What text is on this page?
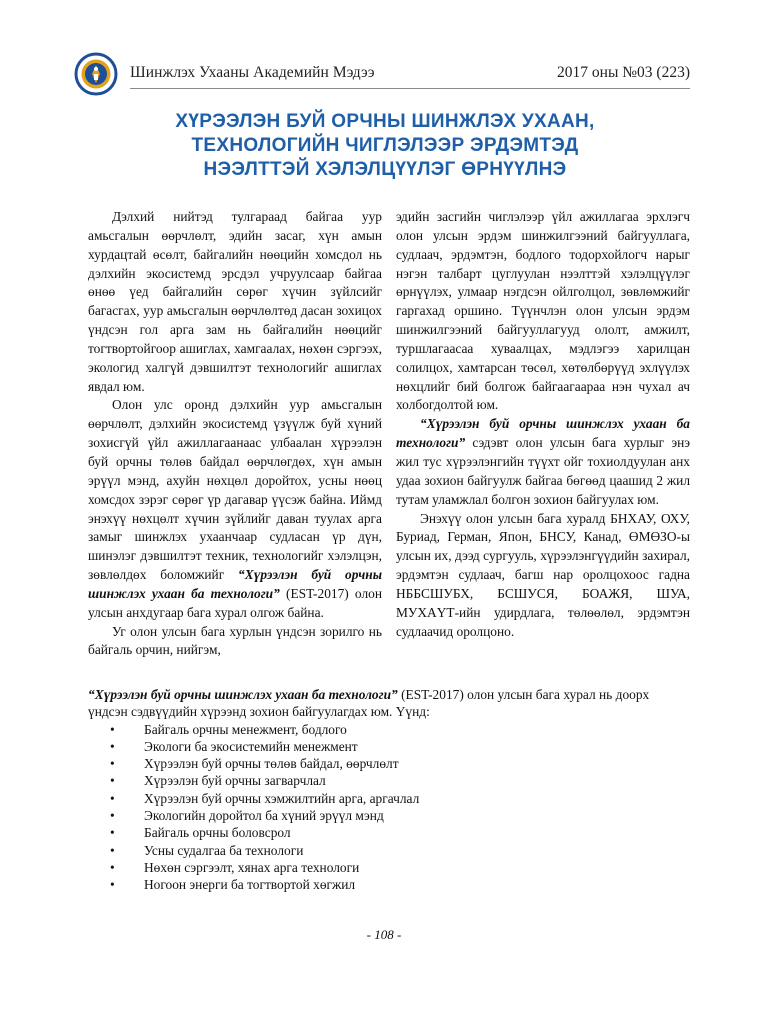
Шинжлэх Ухааны Академийн Мэдээ	2017 оны №03 (223)
ХҮРЭЭЛЭН БУЙ ОРЧНЫ ШИНЖЛЭХ УХААН,
ТЕХНОЛОГИЙН ЧИГЛЭЛЭЭР ЭРДЭМТЭД
НЭЭЛТТЭЙ ХЭЛЭЛЦҮҮЛЭГ ӨРНҮҮЛНЭ

Дэлхий нийтэд тулгараад байгаа уур амьсгалын өөрчлөлт, эдийн засаг, хүн амын хурдацтай өсөлт, байгалийн нөөцийн хомсдол нь дэлхийн экосистемд эрсдэл учруулсаар байгаа өнөө үед байгалийн сөрөг хүчин зүйлсийг багасгах, уур амьсгалын өөрчлөлтөд дасан зохицох үндсэн гол арга зам нь байгалийн нөөцийг тогтвортойгоор ашиглах, хамгаалах, нөхөн сэргээх, экологид халгүй дэвшилтэт технологийг ашиглах явдал юм.

Олон улс оронд дэлхийн уур амьсгалын өөрчлөлт, дэлхийн экосистемд үзүүлж буй хүний зохисгүй үйл ажиллагаанаас улбаалан хүрээлэн буй орчны төлөв байдал өөрчлөгдөх, хүн амын эрүүл мэнд, ахуйн нөхцөл доройтох, усны нөөц хомсдох зэрэг сөрөг үр дагавар үүсэж байна. Иймд энэхүү нөхцөлт хүчин зүйлийг даван туулах арга замыг шинжлэх ухаанчаар судласан үр дүн, шинэлэг дэвшилтэт техник, технологийг хэлэлцэн, зөвлөлдөх боломжийг “Хүрээлэн буй орчны шинжлэх ухаан ба технологи” (EST-2017) олон улсын анхдугаар бага хурал олгож байна.

Уг олон улсын бага хурлын үндсэн зорилго нь байгаль орчин, нийгэм,

эдийн засгийн чиглэлээр үйл ажиллагаа эрхлэгч олон улсын эрдэм шинжилгээний байгууллага, судлаач, эрдэмтэн, бодлого тодорхойлогч нарыг нэгэн талбарт цуглуулан нээлттэй хэлэлцүүлэг өрнүүлэх, улмаар нэгдсэн ойлголцол, зөвлөмжийг гаргахад оршино. Түүнчлэн олон улсын эрдэм шинжилгээний байгууллагууд ололт, амжилт, туршлагаасаа хуваалцах, мэдлэгээ харилцан солилцох, хамтарсан төсөл, хөтөлбөрүүд эхлүүлэх нөхцлийг бий болгож байгаагаараа нэн чухал ач холбогдолтой юм.

“Хүрээлэн буй орчны шинжлэх ухаан ба технологи” сэдэвт олон улсын бага хурлыг энэ жил тус хүрээлэнгийн түүхт ойг тохиолдуулан анх удаа зохион байгуулж байгаа бөгөөд цаашид 2 жил тутам уламжлал болгон зохион байгуулах юм.

Энэхүү олон улсын бага хуралд БНХАУ, ОХУ, Буриад, Герман, Япон, БНСУ, Канад, ӨМӨЗО-ы улсын их, дээд сургууль, хүрээлэнгүүдийн захирал, эрдэмтэн судлаач, багш нар оролцохоос гадна НББСШУБХ, БСШУСЯ, БОАЖЯ, ШУА, МУХАҮТ-ийн удирдлага, төлөөлөл, эрдэмтэн судлаачид оролцоно.

“Хүрээлэн буй орчны шинжлэх ухаан ба технологи” (EST-2017) олон улсын бага хурал нь доорх үндсэн сэдвүүдийн хүрээнд зохион байгуулагдах юм. Үүнд:

• Байгаль орчны менежмент, бодлого
• Экологи ба экосистемийн менежмент
• Хүрээлэн буй орчны төлөв байдал, өөрчлөлт
• Хүрээлэн буй орчны загварчлал
• Хүрээлэн буй орчны хэмжилтийн арга, аргачлал
• Экологийн доройтол ба хүний эрүүл мэнд
• Байгаль орчны боловсрол
• Усны судалгаа ба технологи
• Нөхөн сэргээлт, хянах арга технологи
• Ногоон энерги ба тогтвортой хөгжил
- 108 -
